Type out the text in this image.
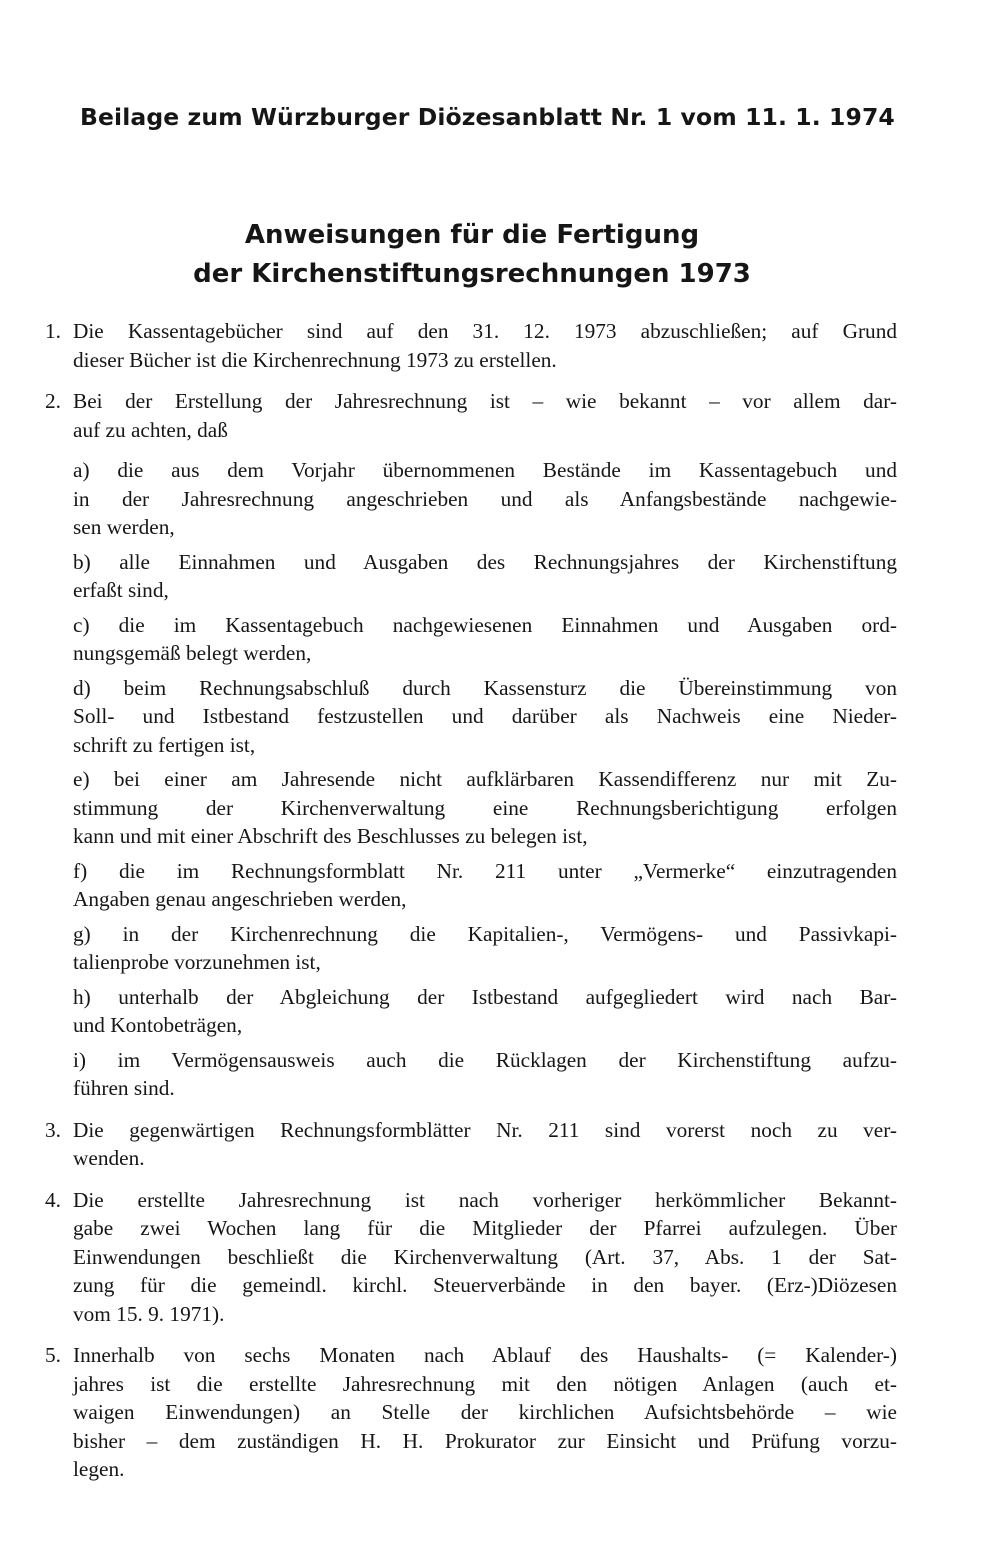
Beilage zum Würzburger Diözesanblatt Nr. 1 vom 11. 1. 1974
Anweisungen für die Fertigung
der Kirchenstiftungsrechnungen 1973
1. Die Kassentagebücher sind auf den 31. 12. 1973 abzuschließen; auf Grund
dieser Bücher ist die Kirchenrechnung 1973 zu erstellen.
2. Bei der Erstellung der Jahresrechnung ist – wie bekannt – vor allem dar-
auf zu achten, daß
a) die aus dem Vorjahr übernommenen Bestände im Kassentagebuch und
in der Jahresrechnung angeschrieben und als Anfangsbestände nachgewie-
sen werden,
b) alle Einnahmen und Ausgaben des Rechnungsjahres der Kirchenstiftung
erfaßt sind,
c) die im Kassentagebuch nachgewiesenen Einnahmen und Ausgaben ord-
nungsgemäß belegt werden,
d) beim Rechnungsabschluß durch Kassensturz die Übereinstimmung von
Soll- und Istbestand festzustellen und darüber als Nachweis eine Nieder-
schrift zu fertigen ist,
e) bei einer am Jahresende nicht aufklärbaren Kassendifferenz nur mit Zu-
stimmung der Kirchenverwaltung eine Rechnungsberichtigung erfolgen
kann und mit einer Abschrift des Beschlusses zu belegen ist,
f) die im Rechnungsformblatt Nr. 211 unter „Vermerke“ einzutragenden
Angaben genau angeschrieben werden,
g) in der Kirchenrechnung die Kapitalien-, Vermögens- und Passivkapi-
talienprobe vorzunehmen ist,
h) unterhalb der Abgleichung der Istbestand aufgegliedert wird nach Bar-
und Kontobeträgen,
i) im Vermögensausweis auch die Rücklagen der Kirchenstiftung aufzu-
führen sind.
3. Die gegenwärtigen Rechnungsformblätter Nr. 211 sind vorerst noch zu ver-
wenden.
4. Die erstellte Jahresrechnung ist nach vorheriger herkömmlicher Bekannt-
gabe zwei Wochen lang für die Mitglieder der Pfarrei aufzulegen. Über
Einwendungen beschließt die Kirchenverwaltung (Art. 37, Abs. 1 der Sat-
zung für die gemeindl. kirchl. Steuerverbände in den bayer. (Erz-)Diözesen
vom 15. 9. 1971).
5. Innerhalb von sechs Monaten nach Ablauf des Haushalts- (= Kalender-)
jahres ist die erstellte Jahresrechnung mit den nötigen Anlagen (auch et-
waigen Einwendungen) an Stelle der kirchlichen Aufsichtsbehörde – wie
bisher – dem zuständigen H. H. Prokurator zur Einsicht und Prüfung vorzu-
legen.
